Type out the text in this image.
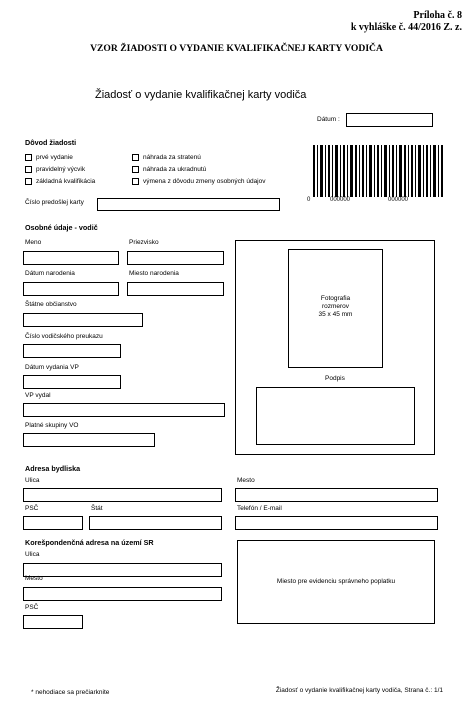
Príloha č. 8
k vyhláške č. 44/2016 Z. z.
VZOR ŽIADOSTI O VYDANIE KVALIFIKAČNEJ KARTY VODIČA
Žiadosť o vydanie kvalifikačnej karty vodiča
Dátum :
Dôvod žiadosti
prvé vydanie
pravidelný výcvik
základná kvalifikácia
náhrada za stratenú
náhrada za ukradnutú
výmena z dôvodu zmeny osobných údajov
Číslo predošlej karty	0	000000	000000
Osobné údaje - vodič
Meno	Priezvisko
Dátum narodenia	Miesto narodenia
Štátne občianstvo
Číslo vodičského preukazu
Dátum vydania VP
VP vydal
Platné skupiny VO
Fotografia
rozmerov
35 x 45 mm
Podpis
Adresa bydliska
Ulica	Mesto
PSČ	Štát	Telefón / E-mail
Korešpondenčná adresa na území SR
Ulica
Mesto
PSČ
Miesto pre evidenciu správneho poplatku
* nehodiace sa prečiarknite	Žiadosť o vydanie kvalifikačnej karty vodiča, Strana č.: 1/1
